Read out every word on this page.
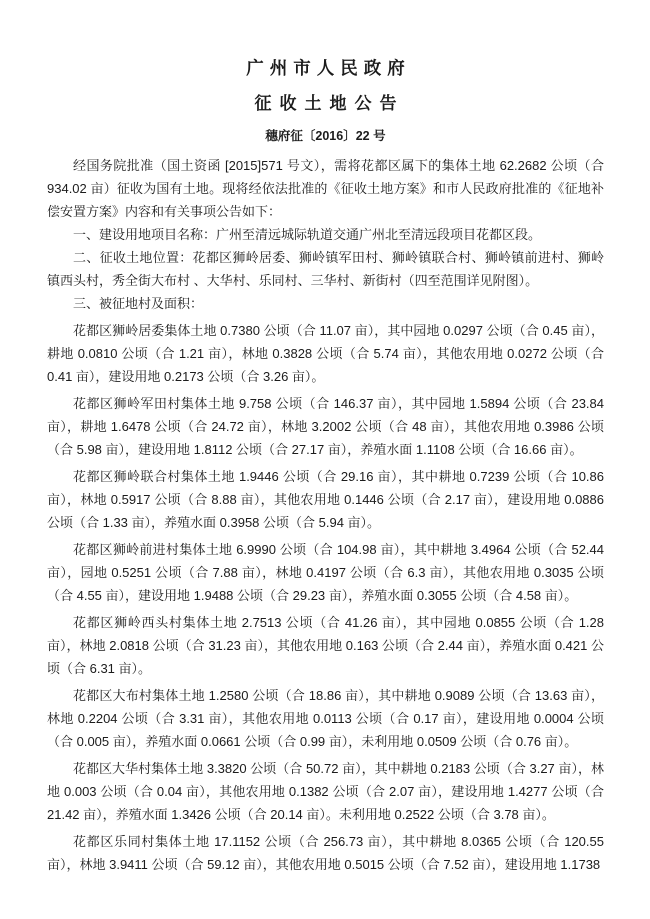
广州市人民政府
征收土地公告
穗府征〔2016〕22 号

经国务院批准（国土资函 [2015]571 号文），需将花都区属下的集体土地 62.2682 公顷（合 934.02 亩）征收为国有土地。现将经依法批准的《征收土地方案》和市人民政府批准的《征地补偿安置方案》内容和有关事项公告如下：

一、建设用地项目名称：广州至清远城际轨道交通广州北至清远段项目花都区段。

二、征收土地位置：花都区狮岭居委、狮岭镇军田村、狮岭镇联合村、狮岭镇前进村、狮岭镇西头村，秀全街大布村 、大华村、乐同村、三华村、新街村（四至范围详见附图）。

三、被征地村及面积：

花都区狮岭居委集体土地 0.7380 公顷（合 11.07 亩），其中园地 0.0297 公顷（合 0.45 亩），耕地 0.0810 公顷（合 1.21 亩），林地 0.3828 公顷（合 5.74 亩），其他农用地 0.0272 公顷（合 0.41 亩），建设用地 0.2173 公顷（合 3.26 亩）。

花都区狮岭军田村集体土地 9.758 公顷（合 146.37 亩），其中园地 1.5894 公顷（合 23.84 亩），耕地 1.6478 公顷（合 24.72 亩），林地 3.2002 公顷（合 48 亩），其他农用地 0.3986 公顷（合 5.98 亩），建设用地 1.8112 公顷（合 27.17 亩），养殖水面 1.1108 公顷（合 16.66 亩）。

花都区狮岭联合村集体土地 1.9446 公顷（合 29.16 亩），其中耕地 0.7239 公顷（合 10.86 亩），林地 0.5917 公顷（合 8.88 亩），其他农用地 0.1446 公顷（合 2.17 亩），建设用地 0.0886 公顷（合 1.33 亩），养殖水面 0.3958 公顷（合 5.94 亩）。

花都区狮岭前进村集体土地 6.9990 公顷（合 104.98 亩），其中耕地 3.4964 公顷（合 52.44 亩），园地 0.5251 公顷（合 7.88 亩），林地 0.4197 公顷（合 6.3 亩），其他农用地 0.3035 公顷（合 4.55 亩），建设用地 1.9488 公顷（合 29.23 亩），养殖水面 0.3055 公顷（合 4.58 亩）。

花都区狮岭西头村集体土地 2.7513 公顷（合 41.26 亩），其中园地 0.0855 公顷（合 1.28 亩），林地 2.0818 公顷（合 31.23 亩），其他农用地 0.163 公顷（合 2.44 亩），养殖水面 0.421 公顷（合 6.31 亩）。

花都区大布村集体土地 1.2580 公顷（合 18.86 亩），其中耕地 0.9089 公顷（合 13.63 亩），林地 0.2204 公顷（合 3.31 亩），其他农用地 0.0113 公顷（合 0.17 亩），建设用地 0.0004 公顷（合 0.005 亩），养殖水面 0.0661 公顷（合 0.99 亩），未利用地 0.0509 公顷（合 0.76 亩）。

花都区大华村集体土地 3.3820 公顷（合 50.72 亩），其中耕地 0.2183 公顷（合 3.27 亩），林地 0.003 公顷（合 0.04 亩），其他农用地 0.1382 公顷（合 2.07 亩），建设用地 1.4277 公顷（合 21.42 亩），养殖水面 1.3426 公顷（合 20.14 亩）。未利用地 0.2522 公顷（合 3.78 亩）。

花都区乐同村集体土地 17.1152 公顷（合 256.73 亩），其中耕地 8.0365 公顷（合 120.55 亩），林地 3.9411 公顷（合 59.12 亩），其他农用地 0.5015 公顷（合 7.52 亩），建设用地 1.1738
